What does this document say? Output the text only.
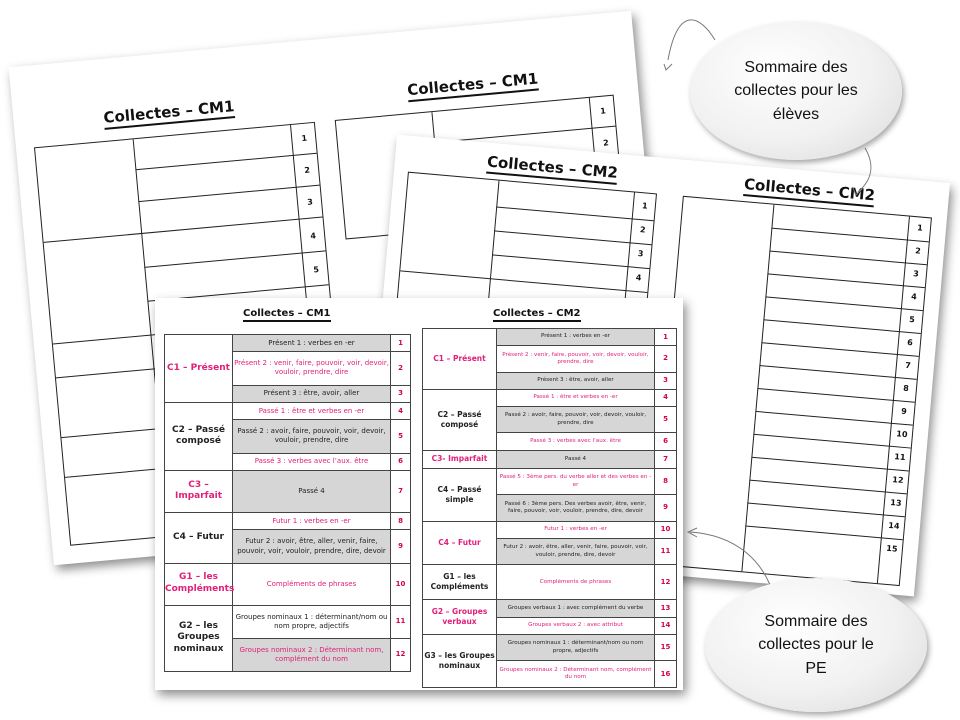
Collectes – CM1
Collectes – CM1
1
2
3
4
5
1
2
Collectes – CM2
Collectes – CM2
1
2
3
4
1
2
3
4
5
6
7
8
9
10
11
12
13
14
15
Collectes – CM1	Collectes – CM2
C1 – Présent	Présent 1 : verbes en -er	1
	Présent 2 : venir, faire, pouvoir, voir, devoir, vouloir, prendre, dire	2
	Présent 3 : être, avoir, aller	3
C2 – Passé composé	Passé 1 : être et verbes en -er	4
	Passé 2 : avoir, faire, pouvoir, voir, devoir, vouloir, prendre, dire	5
	Passé 3 : verbes avec l’aux. être	6
C3 – Imparfait	Passé 4	7
C4 – Futur	Futur 1 : verbes en -er	8
	Futur 2 : avoir, être, aller, venir, faire, pouvoir, voir, vouloir, prendre, dire, devoir	9
G1 – les Compléments	Compléments de phrases	10
G2 – les Groupes nominaux	Groupes nominaux 1 : déterminant/nom ou nom propre, adjectifs	11
	Groupes nominaux 2 : Déterminant nom, complément du nom	12
C1 – Présent	Présent 1 : verbes en -er	1
	Présent 2 : venir, faire, pouvoir, voir, devoir, vouloir, prendre, dire	2
	Présent 3 : être, avoir, aller	3
C2 – Passé composé	Passé 1 : être et verbes en -er	4
	Passé 2 : avoir, faire, pouvoir, voir, devoir, vouloir, prendre, dire	5
	Passé 3 : verbes avec l’aux. être	6
C3- Imparfait	Passé 4	7
C4 – Passé simple	Passé 5 : 3ème pers. du verbe aller et des verbes en -er	8
	Passé 6 : 3ème pers. Des verbes avoir, être, venir, faire, pouvoir, voir, vouloir, prendre, dire, devoir	9
C4 – Futur	Futur 1 : verbes en -er	10
	Futur 2 : avoir, être, aller, venir, faire, pouvoir, voir, vouloir, prendre, dire, devoir	11
G1 – les Compléments	Compléments de phrases	12
G2 – Groupes verbaux	Groupes verbaux 1 : avec complément du verbe	13
	Groupes verbaux 2 : avec attribut	14
G3 – les Groupes nominaux	Groupes nominaux 1 : déterminant/nom ou nom propre, adjectifs	15
	Groupes nominaux 2 : Déterminant nom, complément du nom	16
Sommaire des collectes pour les élèves
Sommaire des collectes pour le PE
